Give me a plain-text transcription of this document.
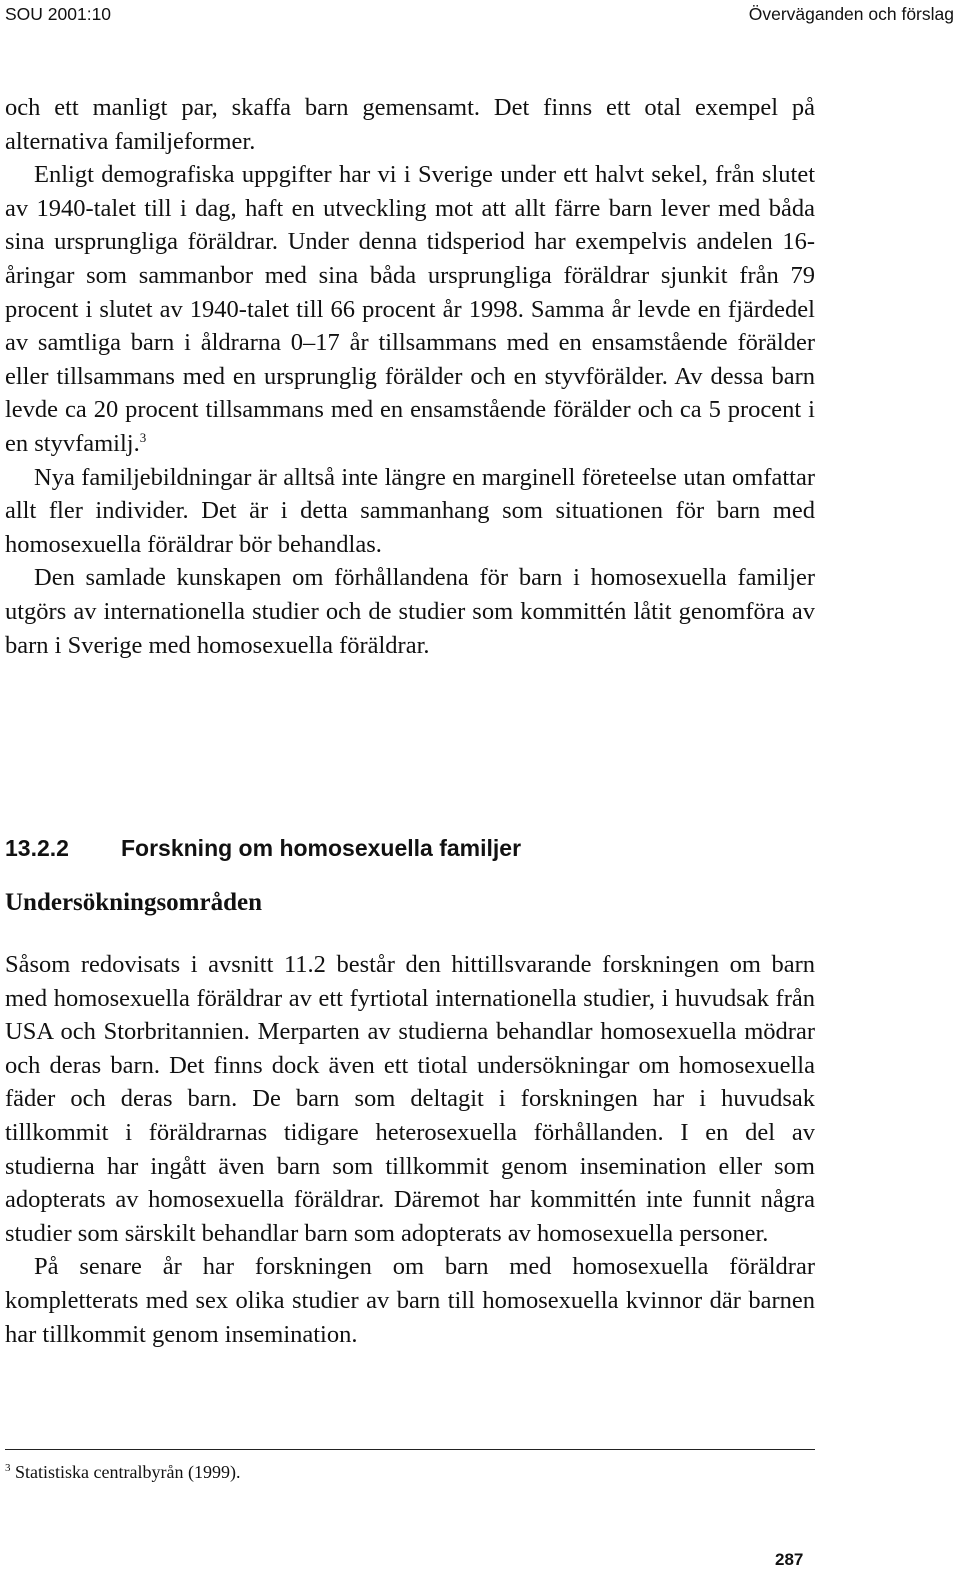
SOU 2001:10	Överväganden och förslag

och ett manligt par, skaffa barn gemensamt. Det finns ett otal exempel på alternativa familjeformer.

Enligt demografiska uppgifter har vi i Sverige under ett halvt sekel, från slutet av 1940-talet till i dag, haft en utveckling mot att allt färre barn lever med båda sina ursprungliga föräldrar. Under denna tidsperiod har exempelvis andelen 16-åringar som sammanbor med sina båda ursprungliga föräldrar sjunkit från 79 procent i slutet av 1940-talet till 66 procent år 1998. Samma år levde en fjärdedel av samtliga barn i åldrarna 0–17 år tillsammans med en ensamstående förälder eller tillsammans med en ursprunglig förälder och en styvförälder. Av dessa barn levde ca 20 procent tillsammans med en ensamstående förälder och ca 5 procent i en styvfamilj.$^3$

Nya familjebildningar är alltså inte längre en marginell företeelse utan omfattar allt fler individer. Det är i detta sammanhang som situationen för barn med homosexuella föräldrar bör behandlas.

Den samlade kunskapen om förhållandena för barn i homosexuella familjer utgörs av internationella studier och de studier som kommittén låtit genomföra av barn i Sverige med homosexuella föräldrar.

13.2.2 Forskning om homosexuella familjer
Undersökningsområden

Såsom redovisats i avsnitt 11.2 består den hittillsvarande forskningen om barn med homosexuella föräldrar av ett fyrtiotal internationella studier, i huvudsak från USA och Storbritannien. Merparten av studierna behandlar homosexuella mödrar och deras barn. Det finns dock även ett tiotal undersökningar om homosexuella fäder och deras barn. De barn som deltagit i forskningen har i huvudsak tillkommit i föräldrarnas tidigare heterosexuella förhållanden. I en del av studierna har ingått även barn som tillkommit genom insemination eller som adopterats av homosexuella föräldrar. Däremot har kommittén inte funnit några studier som särskilt behandlar barn som adopterats av homosexuella personer.

På senare år har forskningen om barn med homosexuella föräldrar kompletterats med sex olika studier av barn till homosexuella kvinnor där barnen har tillkommit genom insemination.

$^3$ Statistiska centralbyrån (1999).
287
